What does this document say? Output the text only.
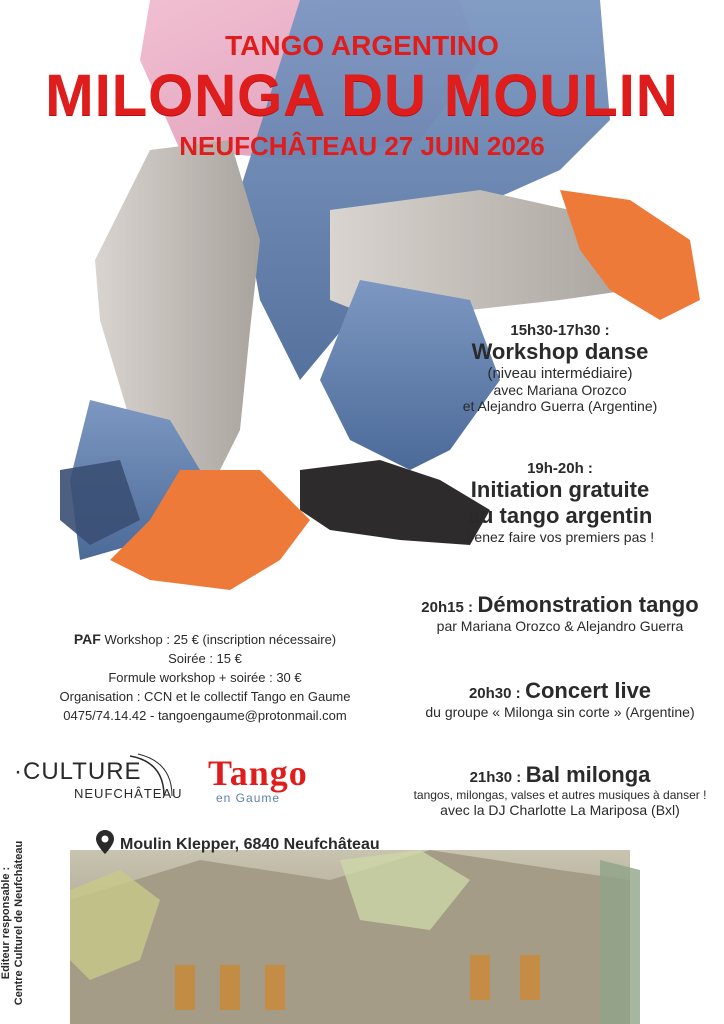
TANGO ARGENTINO
MILONGA DU MOULIN
NEUFCHÂTEAU 27 JUIN 2026
15h30-17h30 :
Workshop danse
(niveau intermédiaire)
avec Mariana Orozco
et Alejandro Guerra (Argentine)
19h-20h :
Initiation gratuite
au tango argentin
Venez faire vos premiers pas !
20h15 : Démonstration tango
par Mariana Orozco & Alejandro Guerra
20h30 : Concert live
du groupe « Milonga sin corte » (Argentine)
21h30 : Bal milonga
tangos, milongas, valses et autres musiques à danser !
avec la DJ Charlotte La Mariposa (Bxl)
PAF Workshop : 25 € (inscription nécessaire)
Soirée : 15 €
Formule workshop + soirée : 30 €
Organisation : CCN et le collectif Tango en Gaume
0475/74.14.42 - tangoengaume@protonmail.com
·CULTURE
NEUFCHÂTEAU
Tango
en Gaume
Moulin Klepper, 6840 Neufchâteau
Editeur responsable : Centre Culturel de Neufchâteau
